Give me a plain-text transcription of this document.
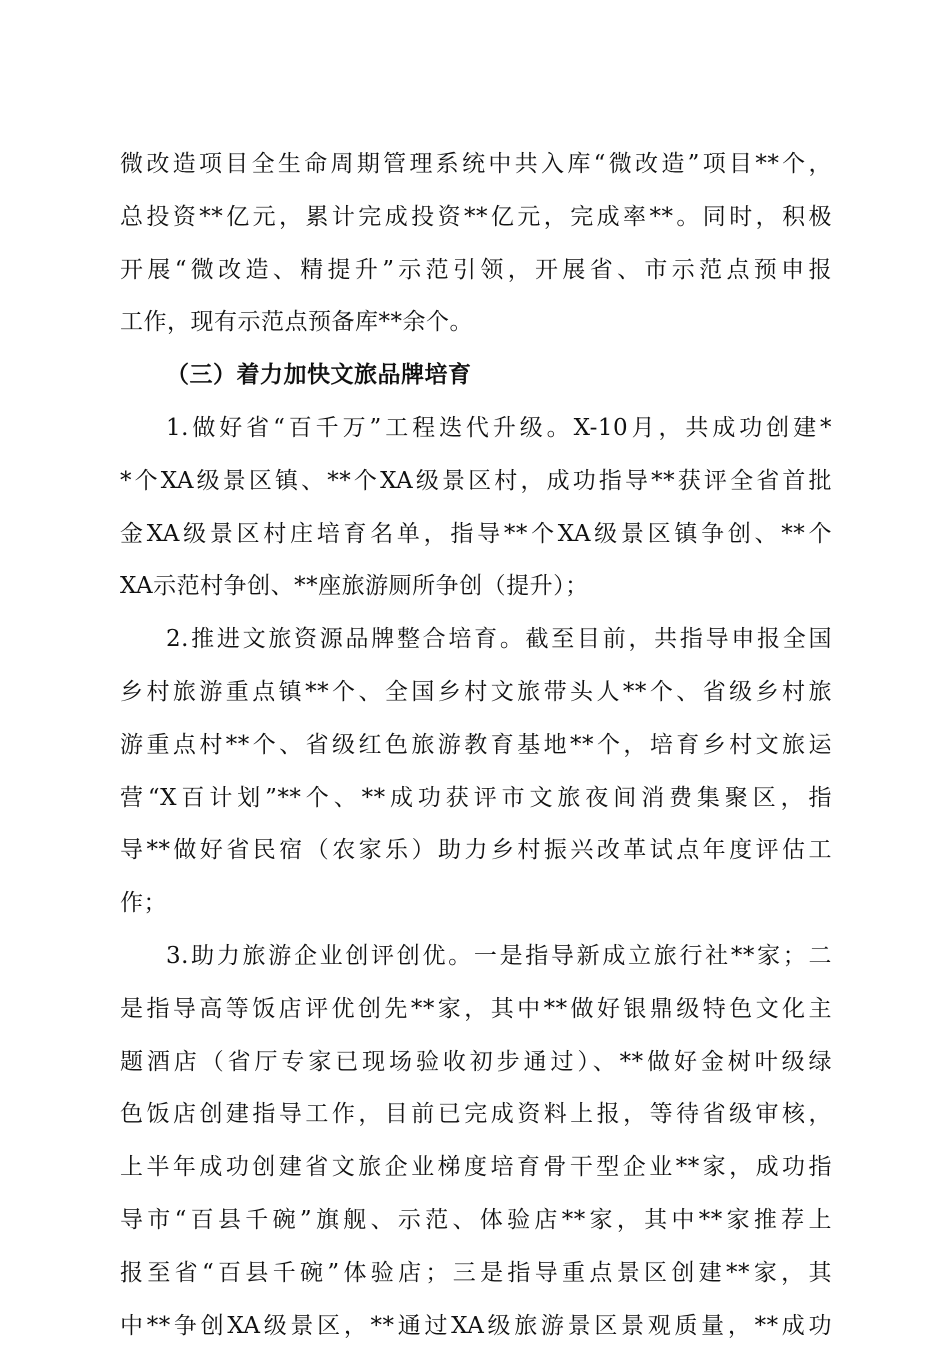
微改造项目全生命周期管理系统中共入库“微改造”项目**个，
总投资**亿元，累计完成投资**亿元，完成率**。同时，积极
开展“微改造、精提升”示范引领，开展省、市示范点预申报
工作，现有示范点预备库**余个。
（三）着力加快文旅品牌培育
1.做好省“百千万”工程迭代升级。X-10月，共成功创建*
*个XA级景区镇、**个XA级景区村，成功指导**获评全省首批
金XA级景区村庄培育名单，指导**个XA级景区镇争创、**个
XA示范村争创、**座旅游厕所争创（提升）；
2.推进文旅资源品牌整合培育。截至目前，共指导申报全国
乡村旅游重点镇**个、全国乡村文旅带头人**个、省级乡村旅
游重点村**个、省级红色旅游教育基地**个，培育乡村文旅运
营“X百计划”**个、**成功获评市文旅夜间消费集聚区，指
导**做好省民宿（农家乐）助力乡村振兴改革试点年度评估工
作；
3.助力旅游企业创评创优。一是指导新成立旅行社**家；二
是指导高等饭店评优创先**家，其中**做好银鼎级特色文化主
题酒店（省厅专家已现场验收初步通过）、**做好金树叶级绿
色饭店创建指导工作，目前已完成资料上报，等待省级审核，
上半年成功创建省文旅企业梯度培育骨干型企业**家，成功指
导市“百县千碗”旗舰、示范、体验店**家，其中**家推荐上
报至省“百县千碗”体验店；三是指导重点景区创建**家，其
中**争创XA级景区，**通过XA级旅游景区景观质量，**成功
